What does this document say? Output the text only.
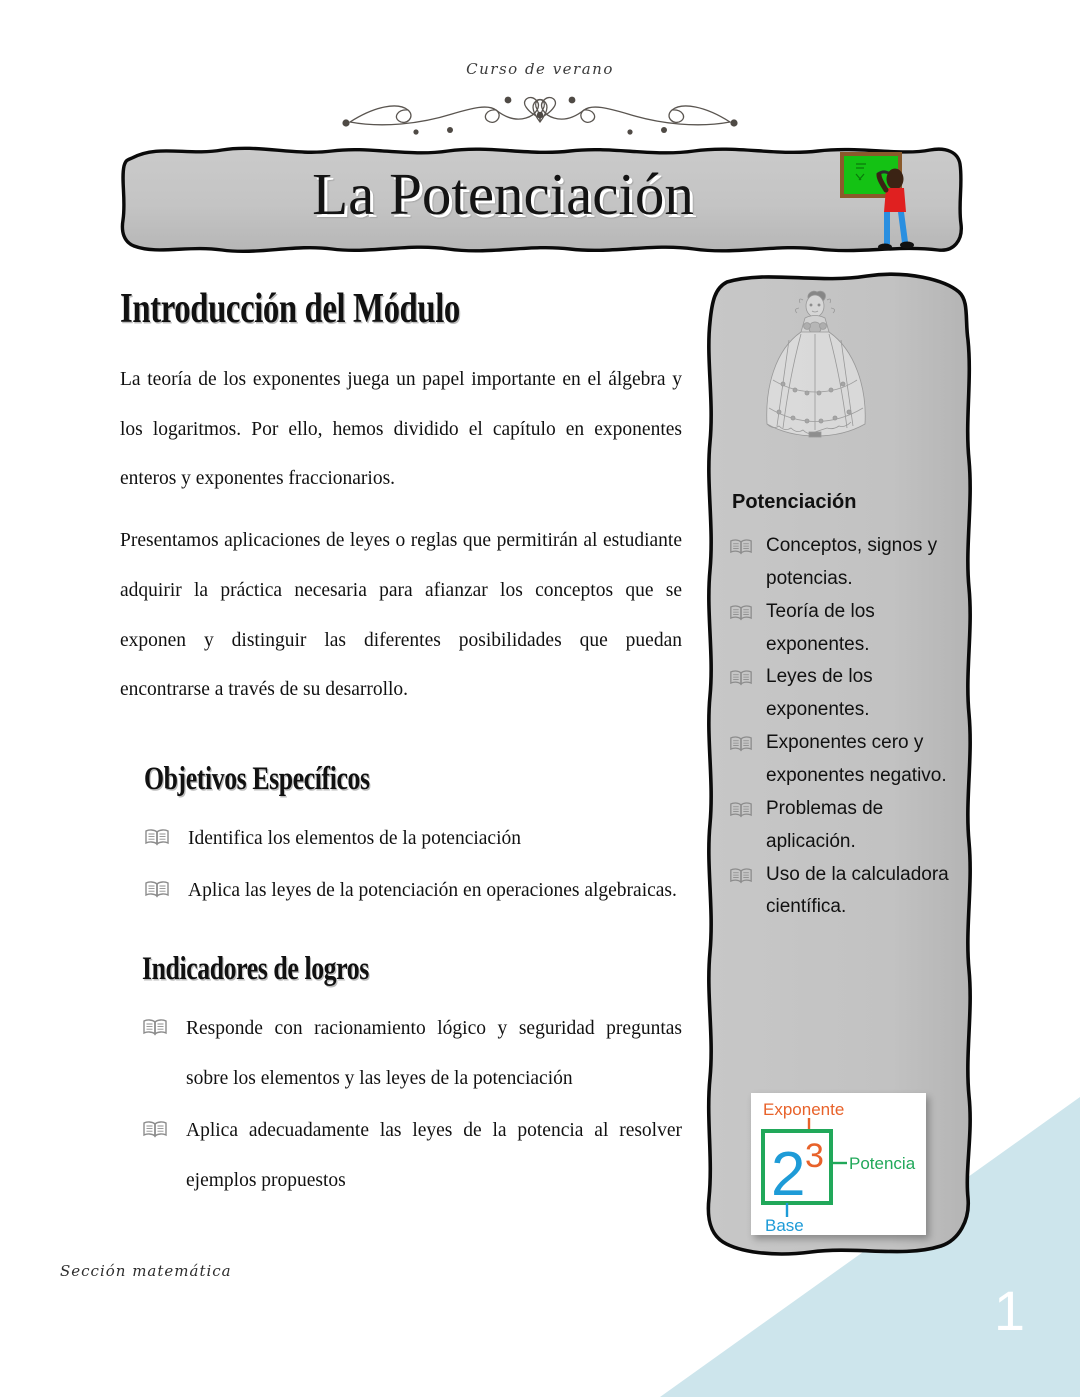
Curso de verano
La Potenciación
Introducción del Módulo

La teoría de los exponentes juega un papel importante en el álgebra y los logaritmos. Por ello, hemos dividido el capítulo en exponentes enteros y exponentes fraccionarios.

Presentamos aplicaciones de leyes o reglas que permitirán al estudiante adquirir la práctica necesaria para afianzar los conceptos que se exponen y distinguir las diferentes posibilidades que puedan encontrarse a través de su desarrollo.

Objetivos Específicos
Identifica los elementos de la potenciación
Aplica las leyes de la potenciación en operaciones algebraicas.
Indicadores de logros
Responde con racionamiento lógico y seguridad preguntas sobre los elementos y las leyes de la potenciación
Aplica adecuadamente las leyes de la potencia al resolver ejemplos propuestos
Potenciación
Conceptos, signos y potencias.
Teoría de los exponentes.
Leyes de los exponentes.
Exponentes cero y exponentes negativo.
Problemas de aplicación.
Uso de la calculadora científica.
Exponente
2 3 Potencia
Base
Sección matemática
1
